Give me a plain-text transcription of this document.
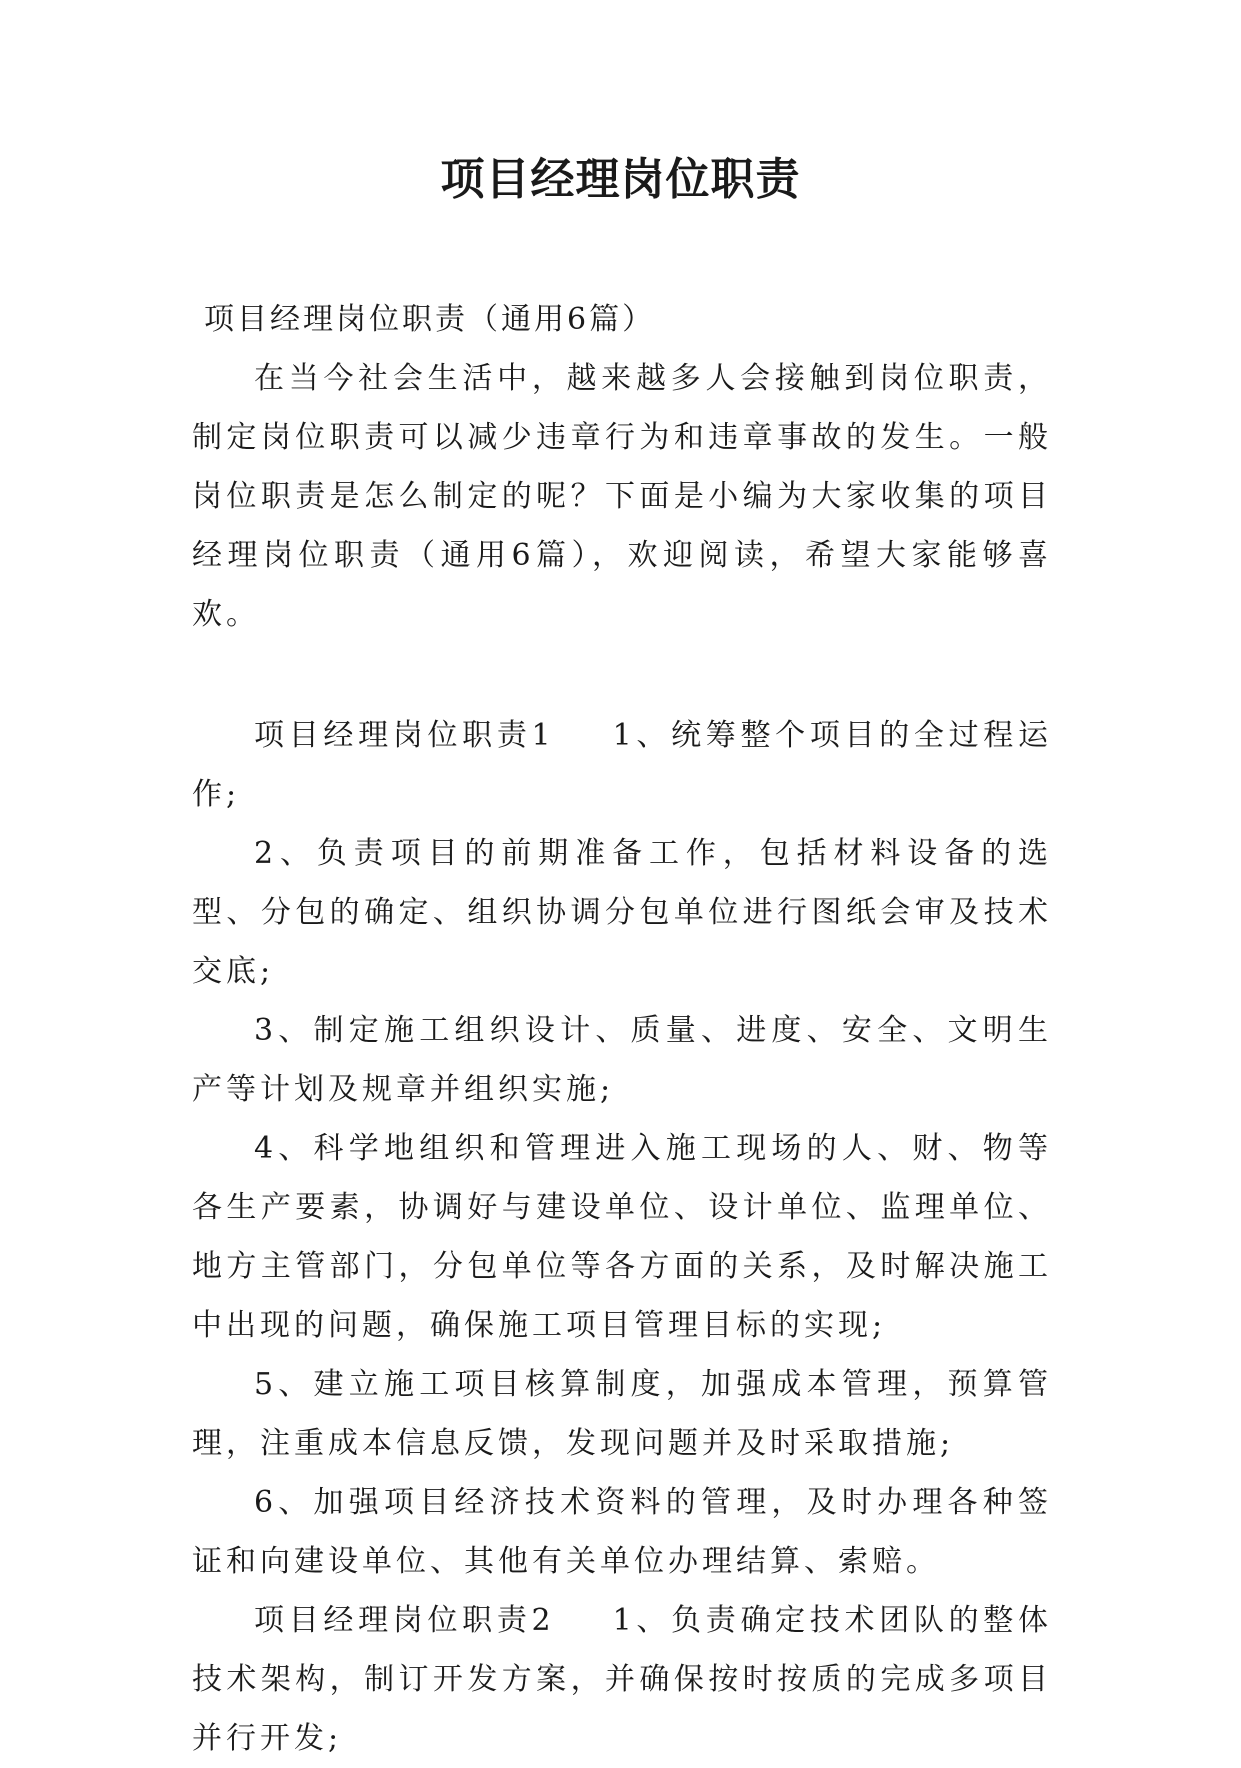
项目经理岗位职责

项目经理岗位职责（通用6篇）

在当今社会生活中，越来越多人会接触到岗位职责，制定岗位职责可以减少违章行为和违章事故的发生。一般岗位职责是怎么制定的呢？下面是小编为大家收集的项目经理岗位职责（通用6篇），欢迎阅读，希望大家能够喜欢。

项目经理岗位职责1 1、统筹整个项目的全过程运作;

2、负责项目的前期准备工作，包括材料设备的选型、分包的确定、组织协调分包单位进行图纸会审及技术交底;

3、制定施工组织设计、质量、进度、安全、文明生产等计划及规章并组织实施;

4、科学地组织和管理进入施工现场的人、财、物等各生产要素，协调好与建设单位、设计单位、监理单位、地方主管部门，分包单位等各方面的关系，及时解决施工中出现的问题，确保施工项目管理目标的实现;

5、建立施工项目核算制度，加强成本管理，预算管理，注重成本信息反馈，发现问题并及时采取措施;

6、加强项目经济技术资料的管理，及时办理各种签证和向建设单位、其他有关单位办理结算、索赔。

项目经理岗位职责2 1、负责确定技术团队的整体技术架构，制订开发方案，并确保按时按质的完成多项目并行开发;
